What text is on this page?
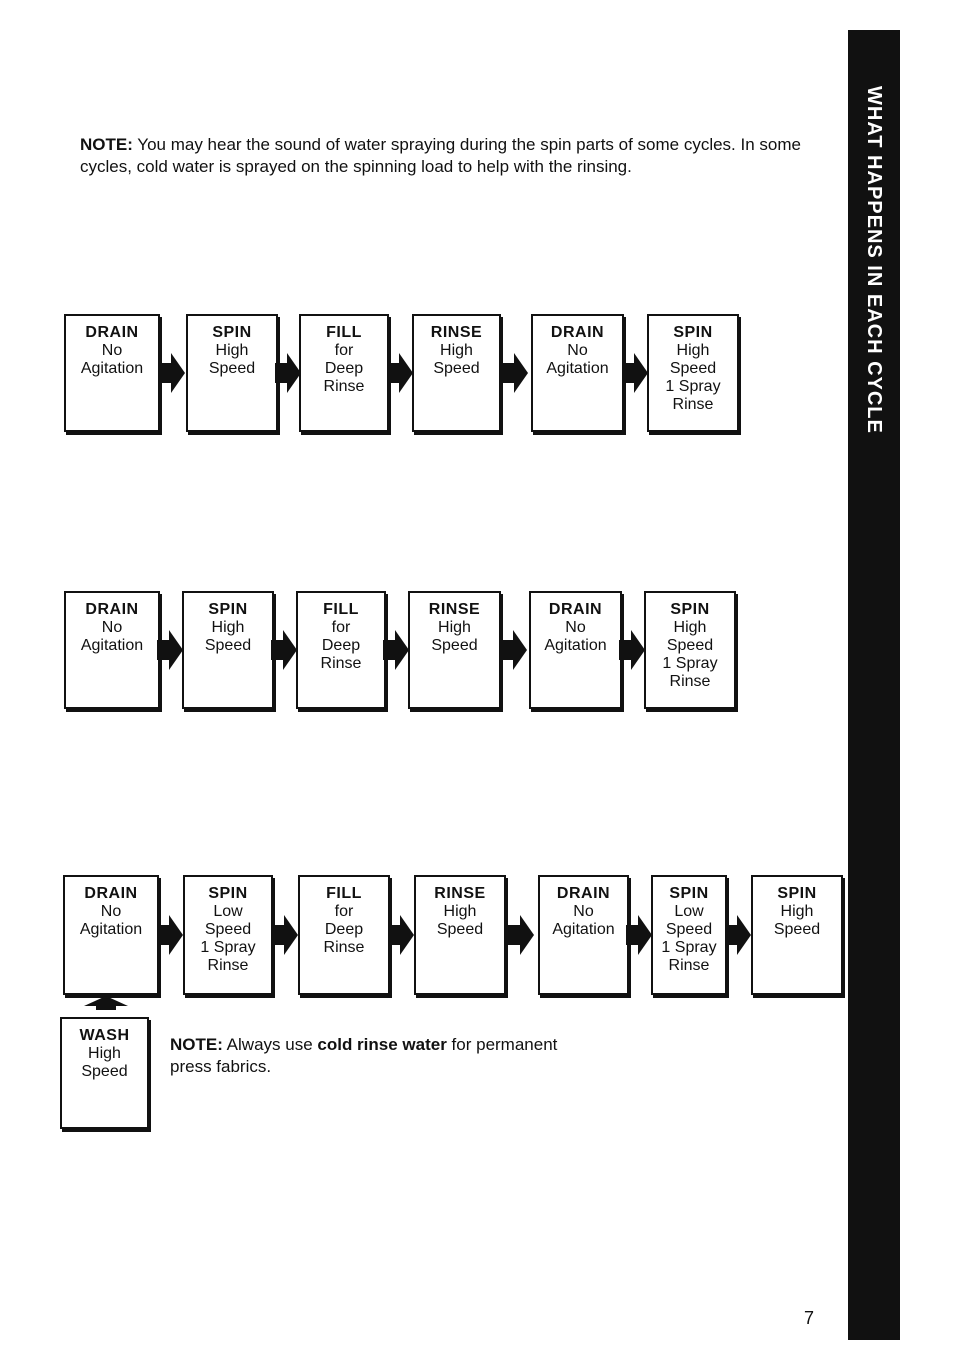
WHAT HAPPENS IN EACH CYCLE
NOTE: You may hear the sound of water spraying during the spin parts of some cycles. In some cycles, cold water is sprayed on the spinning load to help with the rinsing.
DRAIN
No
Agitation
SPIN
High
Speed
FILL
for
Deep
Rinse
RINSE
High
Speed
DRAIN
No
Agitation
SPIN
High
Speed
1 Spray
Rinse
DRAIN
No
Agitation
SPIN
High
Speed
FILL
for
Deep
Rinse
RINSE
High
Speed
DRAIN
No
Agitation
SPIN
High
Speed
1 Spray
Rinse
DRAIN
No
Agitation
SPIN
Low
Speed
1 Spray
Rinse
FILL
for
Deep
Rinse
RINSE
High
Speed
DRAIN
No
Agitation
SPIN
Low
Speed
1 Spray
Rinse
SPIN
High
Speed
WASH
High
Speed
NOTE: Always use cold rinse water for permanent press fabrics.
7
